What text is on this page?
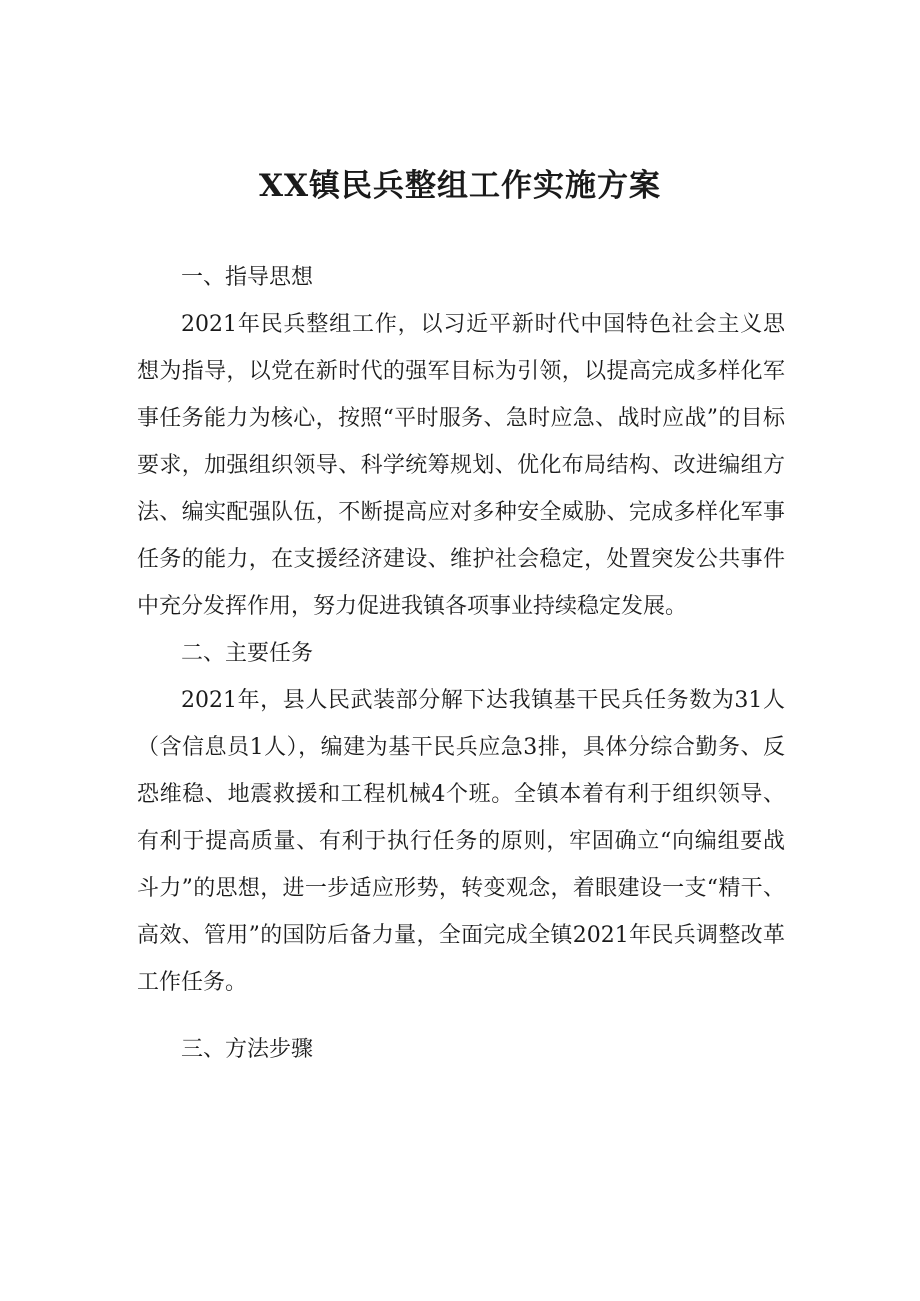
XX镇民兵整组工作实施方案

一、指导思想

2021年民兵整组工作，以习近平新时代中国特色社会主义思想为指导，以党在新时代的强军目标为引领，以提高完成多样化军事任务能力为核心，按照“平时服务、急时应急、战时应战”的目标要求，加强组织领导、科学统筹规划、优化布局结构、改进编组方法、编实配强队伍，不断提高应对多种安全威胁、完成多样化军事任务的能力，在支援经济建设、维护社会稳定，处置突发公共事件中充分发挥作用，努力促进我镇各项事业持续稳定发展。

二、主要任务

2021年，县人民武装部分解下达我镇基干民兵任务数为31人（含信息员1人），编建为基干民兵应急3排，具体分综合勤务、反恐维稳、地震救援和工程机械4个班。全镇本着有利于组织领导、有利于提高质量、有利于执行任务的原则，牢固确立“向编组要战斗力”的思想，进一步适应形势，转变观念，着眼建设一支“精干、高效、管用”的国防后备力量，全面完成全镇2021年民兵调整改革工作任务。

三、方法步骤
